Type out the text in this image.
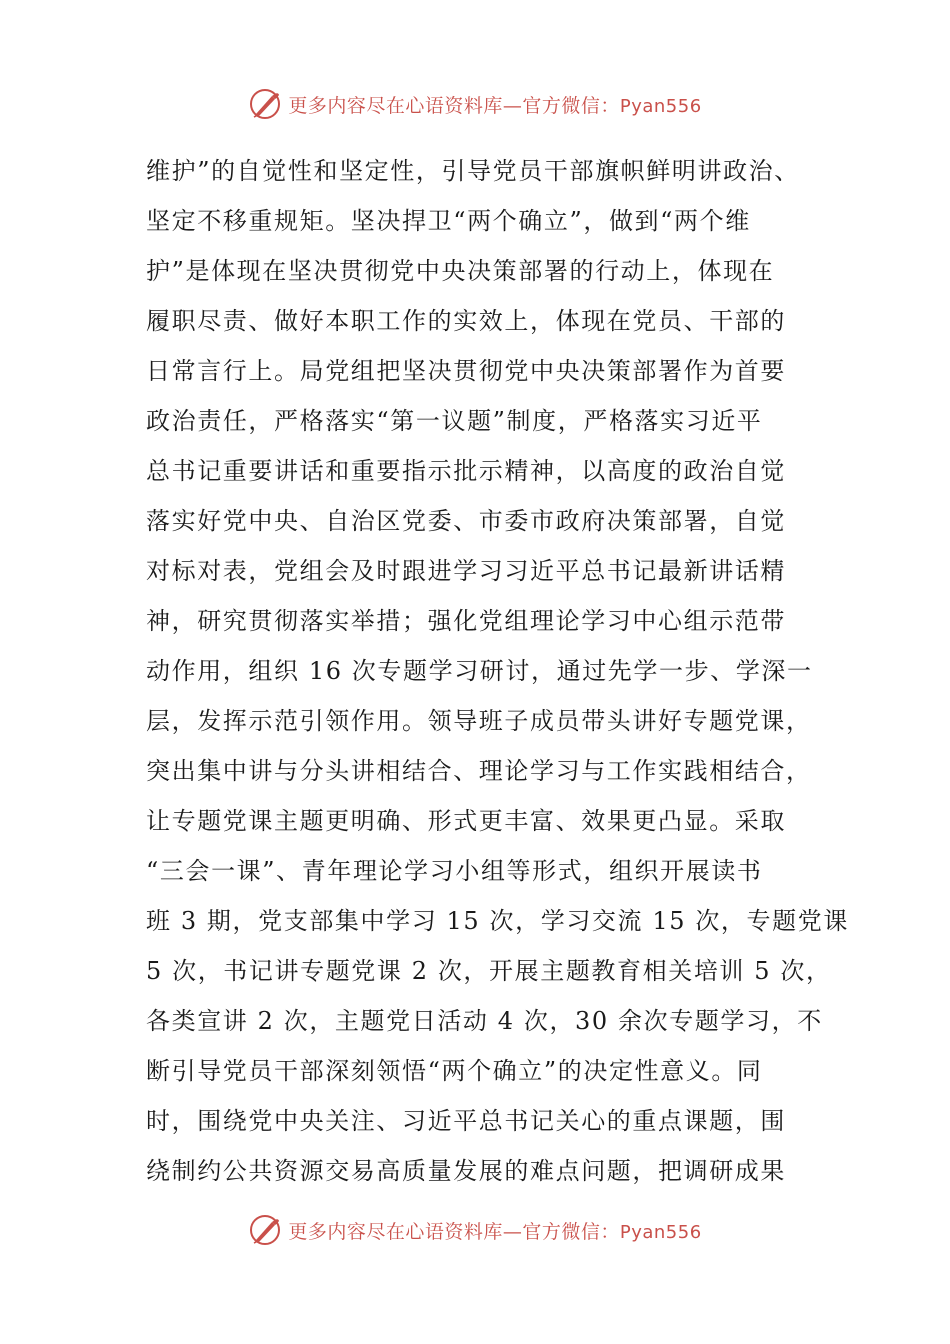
更多内容尽在心语资料库—官方微信：Pyan556
维护”的自觉性和坚定性，引导党员干部旗帜鲜明讲政治、
坚定不移重规矩。坚决捍卫“两个确立”，做到“两个维
护”是体现在坚决贯彻党中央决策部署的行动上，体现在
履职尽责、做好本职工作的实效上，体现在党员、干部的
日常言行上。局党组把坚决贯彻党中央决策部署作为首要
政治责任，严格落实“第一议题”制度，严格落实习近平
总书记重要讲话和重要指示批示精神，以高度的政治自觉
落实好党中央、自治区党委、市委市政府决策部署，自觉
对标对表，党组会及时跟进学习习近平总书记最新讲话精
神，研究贯彻落实举措；强化党组理论学习中心组示范带
动作用，组织 16 次专题学习研讨，通过先学一步、学深一
层，发挥示范引领作用。领导班子成员带头讲好专题党课，
突出集中讲与分头讲相结合、理论学习与工作实践相结合，
让专题党课主题更明确、形式更丰富、效果更凸显。采取
“三会一课”、青年理论学习小组等形式，组织开展读书
班 3 期，党支部集中学习 15 次，学习交流 15 次，专题党课
5 次，书记讲专题党课 2 次，开展主题教育相关培训 5 次，
各类宣讲 2 次，主题党日活动 4 次，30 余次专题学习，不
断引导党员干部深刻领悟“两个确立”的决定性意义。同
时，围绕党中央关注、习近平总书记关心的重点课题，围
绕制约公共资源交易高质量发展的难点问题，把调研成果
更多内容尽在心语资料库—官方微信：Pyan556
